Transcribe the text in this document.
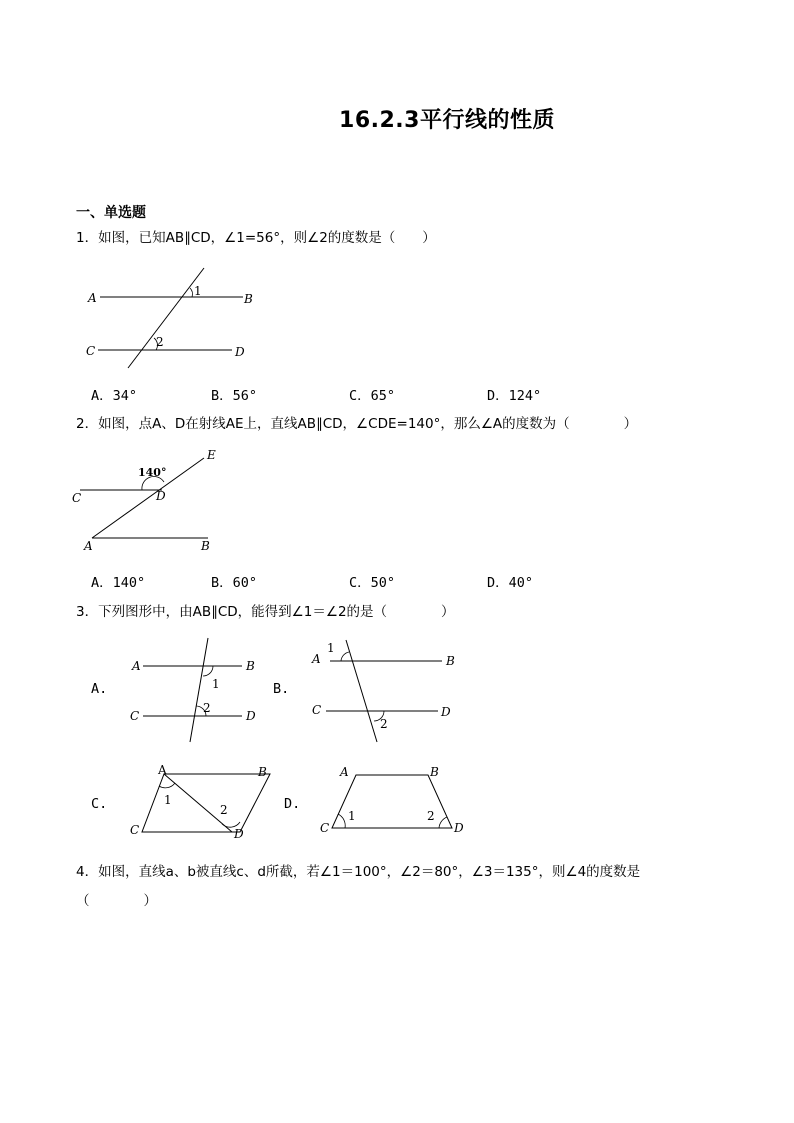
16.2.3平行线的性质
一、单选题
1．如图，已知AB∥CD，∠1=56°，则∠2的度数是（　　）
A	B
C	D
1
2
A．34°	B．56°	C．65°	D．124°
2．如图，点A、D在射线AE上，直线AB∥CD，∠CDE=140°，那么∠A的度数为（　　　　）
E
C	D
A	B
140°
A．140°	B．60°	C．50°	D．40°
3．下列图形中，由AB∥CD，能得到∠1＝∠2的是（　　　　）
A.
A	B
C	D
1
2
B.
A	B
C	D
1
2
C.
A	B
C	D
1
2	D.
A	B
C	D
1	2
4．如图，直线a、b被直线c、d所截，若∠1＝100°，∠2＝80°，∠3＝135°，则∠4的度数是
（　　　　）
